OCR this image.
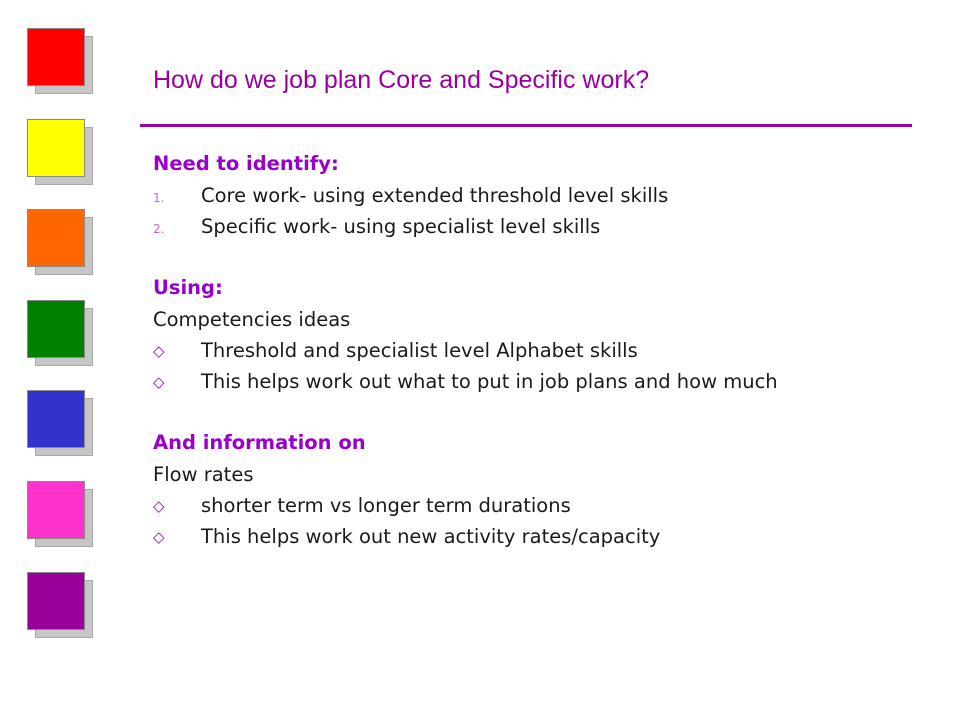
How do we job plan Core and Specific work?

Need to identify:

1. Core work- using extended threshold level skills

2. Specific work- using specialist level skills

Using:

Competencies ideas

◇ Threshold and specialist level Alphabet skills

◇ This helps work out what to put in job plans and how much

And information on

Flow rates

◇ shorter term vs longer term durations

◇ This helps work out new activity rates/capacity
